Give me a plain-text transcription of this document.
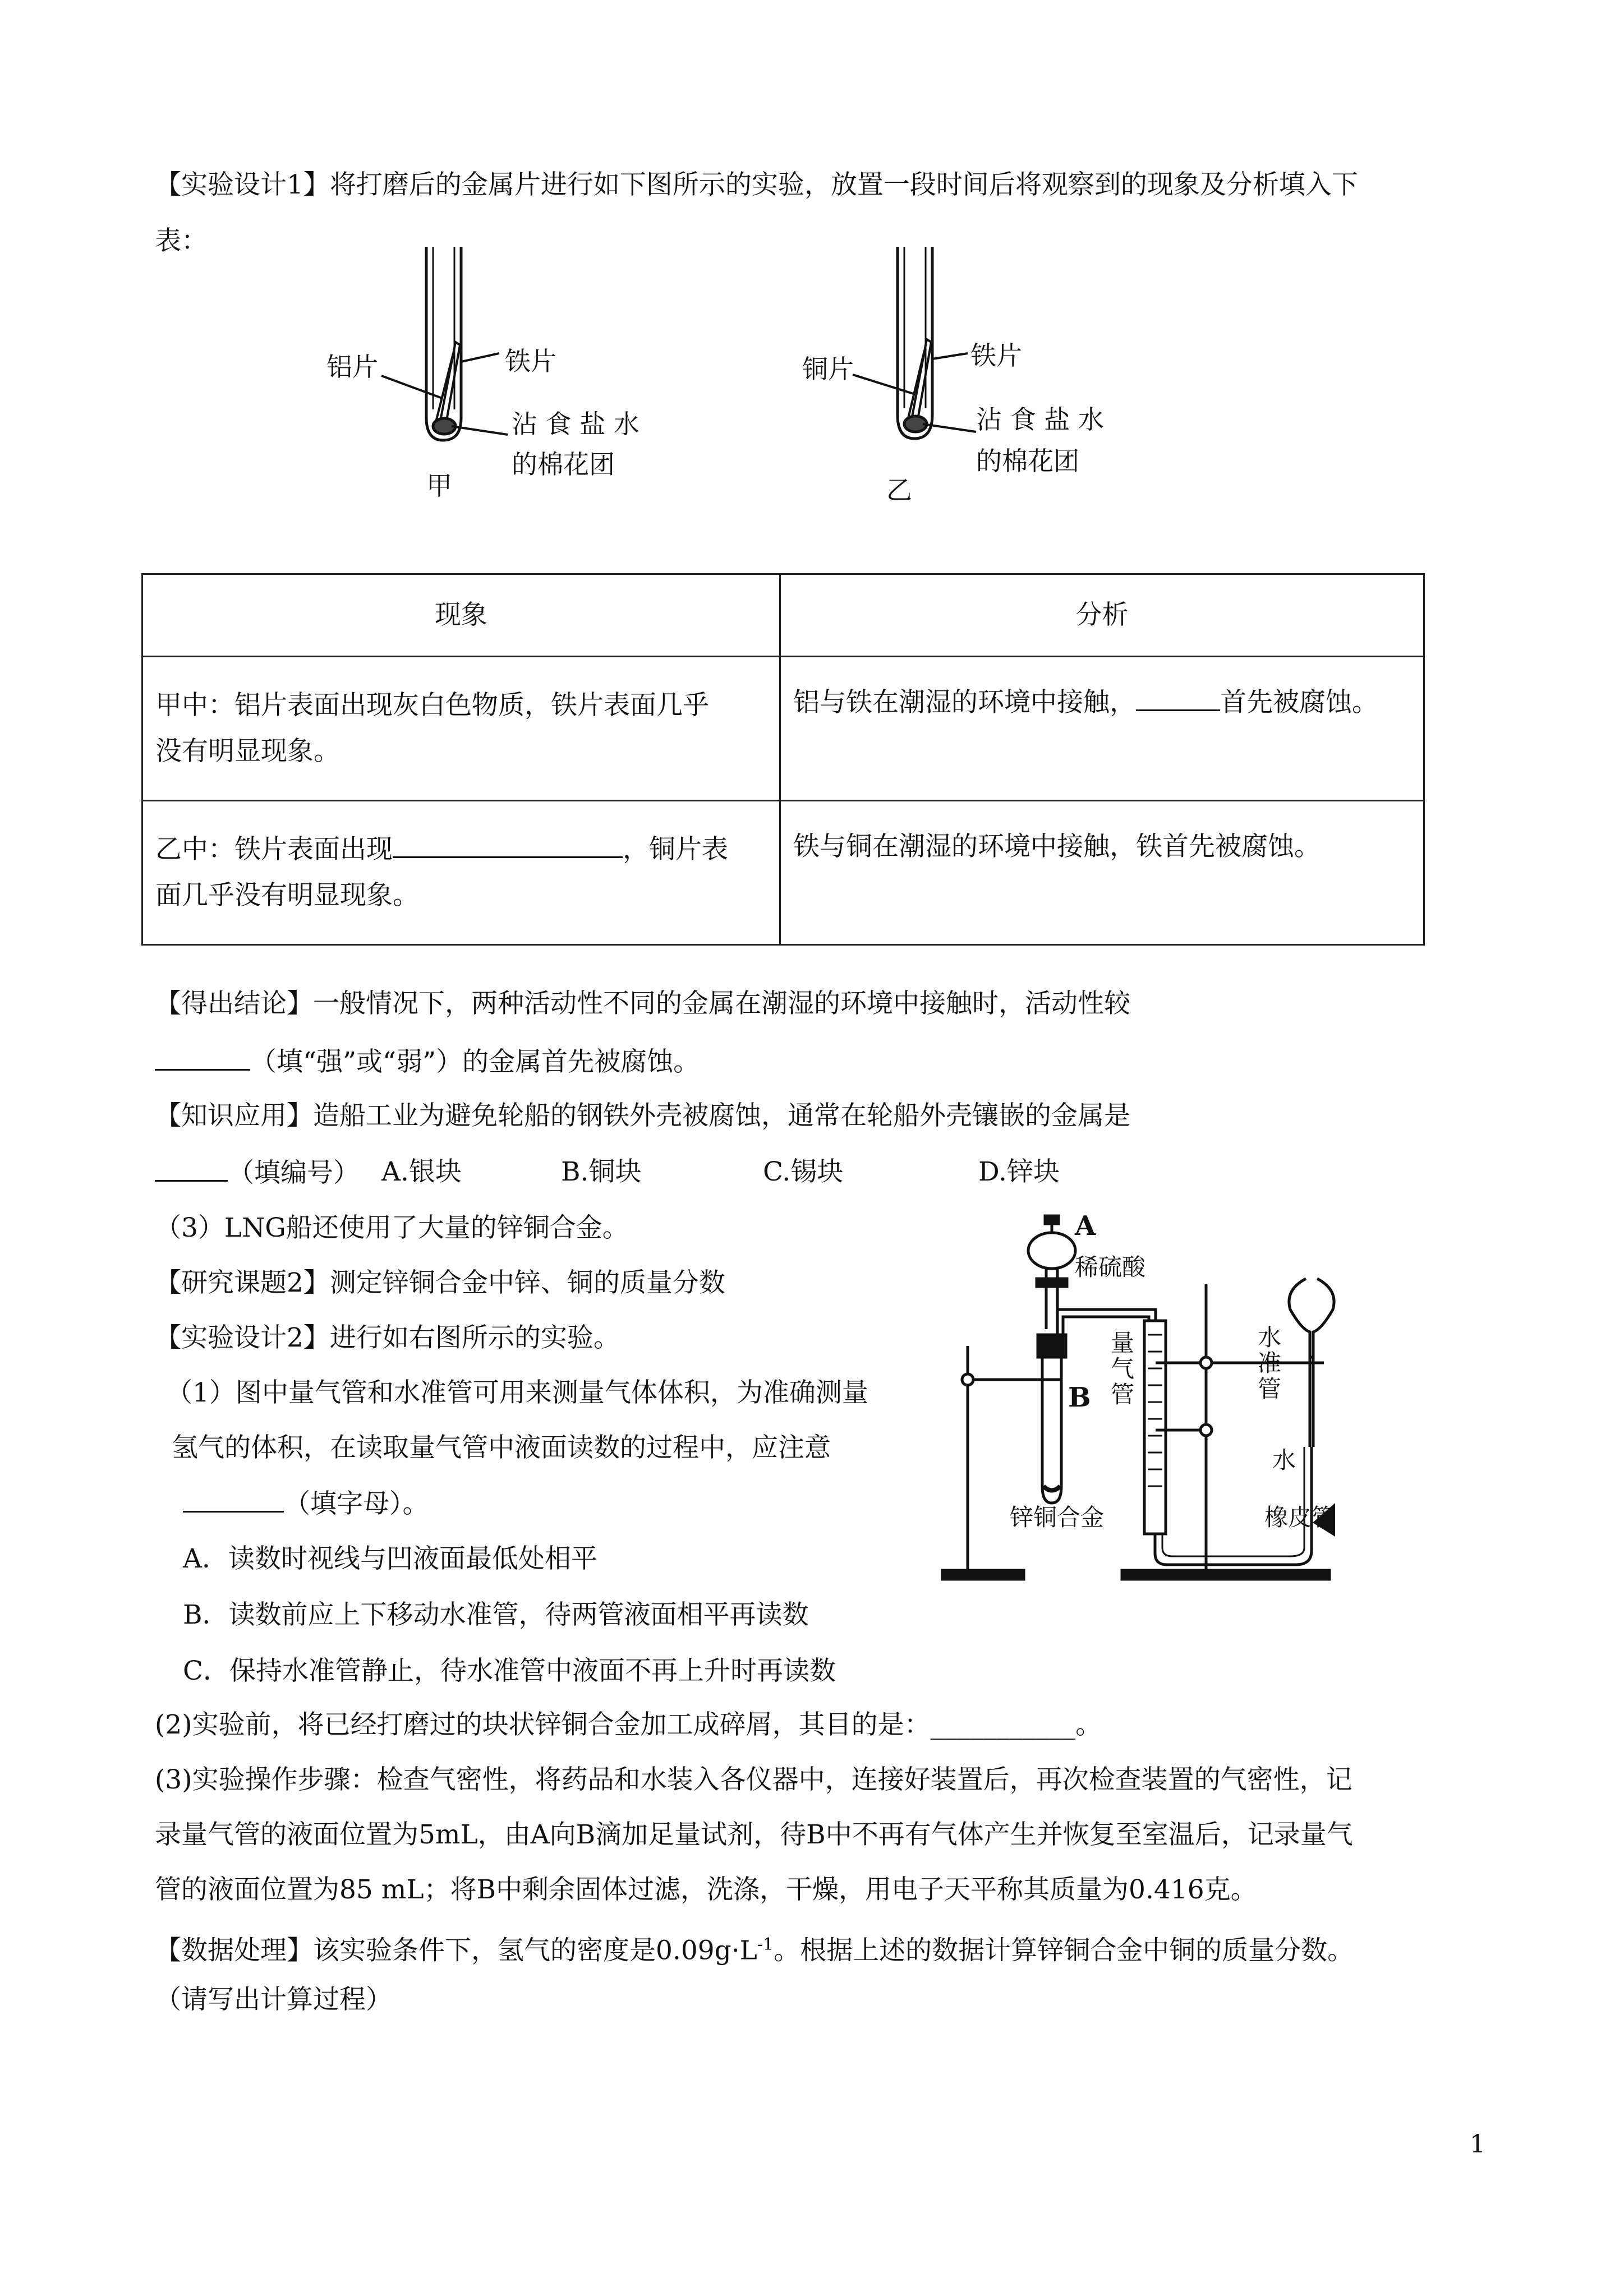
【实验设计1】将打磨后的金属片进行如下图所示的实验，放置一段时间后将观察到的现象及分析填入下
表：
铝片	铁片
沾 食 盐 水
的棉花团
甲
铜片	铁片
沾 食 盐 水
的棉花团
乙
现象	分析

甲中：铝片表面出现灰白色物质，铁片表面几乎
没有明显现象。	铝与铁在潮湿的环境中接触， 首先被腐蚀。

乙中：铁片表面出现 ，铜片表
面几乎没有明显现象。	铁与铜在潮湿的环境中接触，铁首先被腐蚀。
【得出结论】一般情况下，两种活动性不同的金属在潮湿的环境中接触时，活动性较
（填“强”或“弱”）的金属首先被腐蚀。
【知识应用】造船工业为避免轮船的钢铁外壳被腐蚀，通常在轮船外壳镶嵌的金属是
（填编号） A.银块	B.铜块	C.锡块	D.锌块
（3）LNG船还使用了大量的锌铜合金。
【研究课题2】测定锌铜合金中锌、铜的质量分数
【实验设计2】进行如右图所示的实验。
（1）图中量气管和水准管可用来测量气体体积，为准确测量
氢气的体积，在读取量气管中液面读数的过程中，应注意
（填字母）。
A．读数时视线与凹液面最低处相平
B．读数前应上下移动水准管，待两管液面相平再读数
C．保持水准管静止，待水准管中液面不再上升时再读数
A
稀硫酸
B
量
气
管
水
准
管
水
橡皮管
锌铜合金
(2)实验前，将已经打磨过的块状锌铜合金加工成碎屑，其目的是：___________。
(3)实验操作步骤：检查气密性，将药品和水装入各仪器中，连接好装置后，再次检查装置的气密性，记
录量气管的液面位置为5mL，由A向B滴加足量试剂，待B中不再有气体产生并恢复至室温后，记录量气
管的液面位置为85 mL；将B中剩余固体过滤，洗涤，干燥，用电子天平称其质量为0.416克。
【数据处理】该实验条件下，氢气的密度是$0.09g\cdot L^{-1}$。根据上述的数据计算锌铜合金中铜的质量分数。
（请写出计算过程）
1
